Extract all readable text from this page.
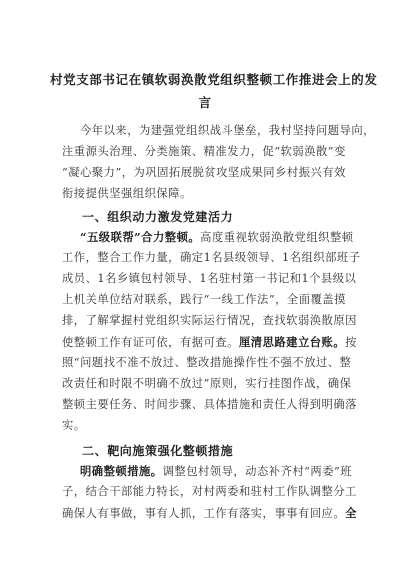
村党支部书记在镇软弱涣散党组织整顿工作推进会上的发
言
今年以来，为建强党组织战斗堡垒，我村坚持问题导向，
注重源头治理、分类施策、精准发力，促“软弱涣散”变
“凝心聚力”，为巩固拓展脱贫攻坚成果同乡村振兴有效
衔接提供坚强组织保障。
一、组织动力激发党建活力
“五级联帮”合力整顿。高度重视软弱涣散党组织整顿
工作，整合工作力量，确定1名县级领导、1名组织部班子
成员、1名乡镇包村领导、1名驻村第一书记和1个县级以
上机关单位结对联系，践行“一线工作法”，全面覆盖摸
排，了解掌握村党组织实际运行情况，查找软弱涣散原因
使整顿工作有证可依，有据可查。厘清思路建立台账。按
照“问题找不准不放过、整改措施操作性不强不放过、整
改责任和时限不明确不放过”原则，实行挂图作战，确保
整顿主要任务、时间步骤、具体措施和责任人得到明确落
实。
二、靶向施策强化整顿措施
明确整顿措施。调整包村领导，动态补齐村“两委”班
子，结合干部能力特长，对村两委和驻村工作队调整分工
确保人有事做，事有人抓，工作有落实，事事有回应。全
